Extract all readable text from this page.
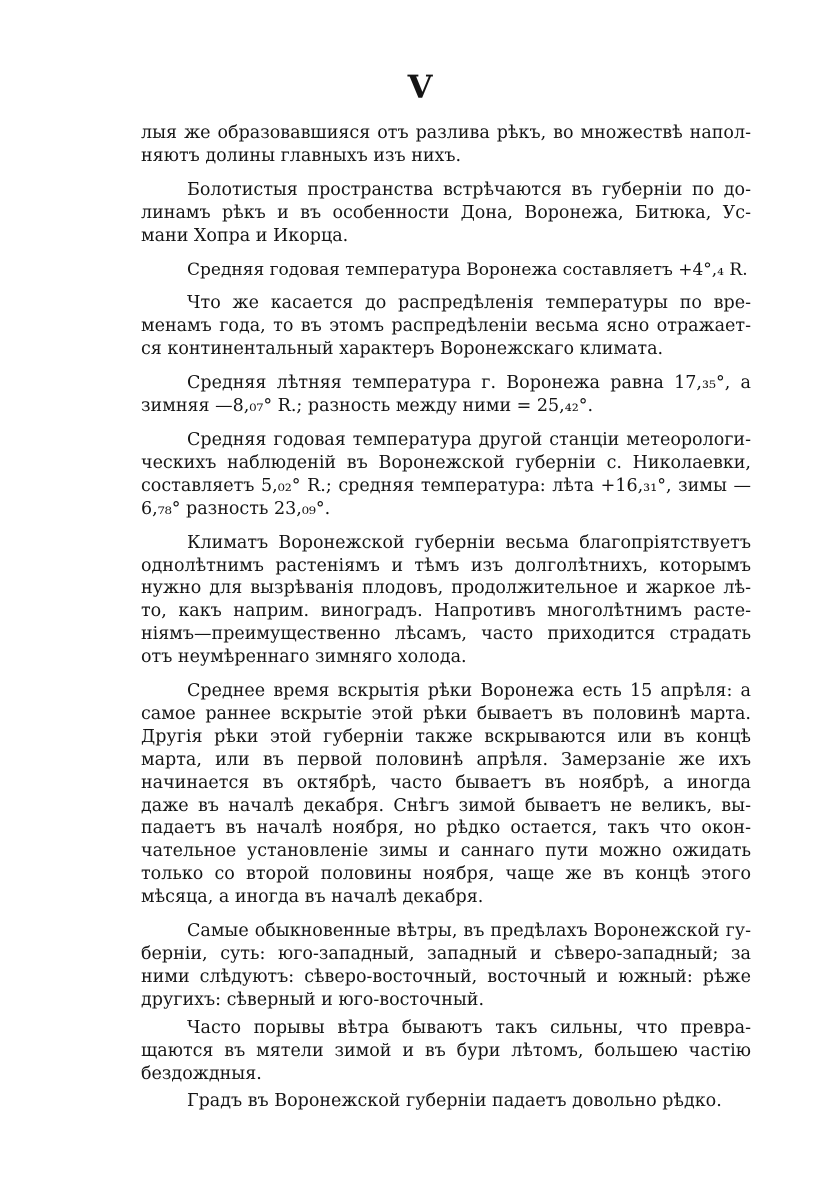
V
лыя же образовавшияся отъ разлива рѣкъ, во множествѣ напол-
няютъ долины главныхъ изъ нихъ.
Болотистыя пространства встрѣчаются въ губерніи по до-
линамъ рѣкъ и въ особенности Дона, Воронежа, Битюка, Ус-
мани Хопра и Икорца.
Средняя годовая температура Воронежа составляетъ +4°,₄ R.
Что же касается до распредѣленія температуры по вре-
менамъ года, то въ этомъ распредѣленіи весьма ясно отражает-
ся континентальный характеръ Воронежскаго климата.
Средняя лѣтняя температура г. Воронежа равна 17,₃₅°, а
зимняя —8,₀₇° R.; разность между ними = 25,₄₂°.
Средняя годовая температура другой станціи метеорологи-
ческихъ наблюденій въ Воронежской губерніи с. Николаевки,
составляетъ 5,₀₂° R.; средняя температура: лѣта +16,₃₁°, зимы —
6,₇₈° разность 23,₀₉°.
Климатъ Воронежской губерніи весьма благопріятствуетъ
однолѣтнимъ растеніямъ и тѣмъ изъ долголѣтнихъ, которымъ
нужно для вызрѣванія плодовъ, продолжительное и жаркое лѣ-
то, какъ наприм. виноградъ. Напротивъ многолѣтнимъ расте-
ніямъ—преимущественно лѣсамъ, часто приходится страдать
отъ неумѣреннаго зимняго холода.
Среднее время вскрытія рѣки Воронежа есть 15 апрѣля: а
самое раннее вскрытіе этой рѣки бываетъ въ половинѣ марта.
Другія рѣки этой губерніи также вскрываются или въ концѣ
марта, или въ первой половинѣ апрѣля. Замерзаніе же ихъ
начинается въ октябрѣ, часто бываетъ въ ноябрѣ, а иногда
даже въ началѣ декабря. Снѣгъ зимой бываетъ не великъ, вы-
падаетъ въ началѣ ноября, но рѣдко остается, такъ что окон-
чательное установленіе зимы и саннаго пути можно ожидать
только со второй половины ноября, чаще же въ концѣ этого
мѣсяца, а иногда въ началѣ декабря.
Самые обыкновенные вѣтры, въ предѣлахъ Воронежской гу-
берніи, суть: юго-западный, западный и сѣверо-западный; за
ними слѣдуютъ: сѣверо-восточный, восточный и южный: рѣже
другихъ: сѣверный и юго-восточный.
Часто порывы вѣтра бываютъ такъ сильны, что превра-
щаются въ мятели зимой и въ бури лѣтомъ, большею частію
бездождныя.
Градъ въ Воронежской губерніи падаетъ довольно рѣдко.
